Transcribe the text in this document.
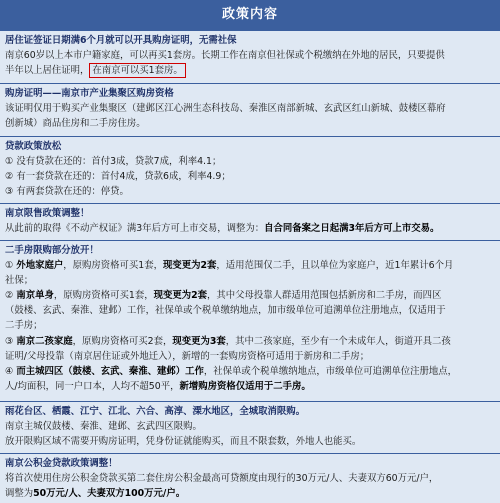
政策内容
居住证签证日期满6个月就可以开具购房证明，无需社保
南京60岁以上本市户籍家庭，可以再买1套房。长期工作在南京但社保或个税缴纳在外地的居民，只要提供
半年以上居住证明， 在南京可以买1套房。
购房证明——南京市产业集聚区购房资格
该证明仅用于购买产业集聚区（建邺区江心洲生态科技岛、秦淮区南部新城、玄武区红山新城、鼓楼区幕府
创新城）商品住房和二手房住房。
贷款政策放松
① 没有贷款在还的：首付3成，贷款7成，利率4.1；
② 有一套贷款在还的：首付4成，贷款6成，利率4.9；
③ 有两套贷款在还的：停贷。
南京限售政策调整！
从此前的取得《不动产权证》满3年后方可上市交易，调整为：自合同备案之日起满3年后方可上市交易。
二手房限购部分放开！
① 外地家庭户，原购房资格可买1套，现变更为2套，适用范围仅二手，且以单位为家庭户，近1年累计6个月
社保；
② 南京单身，原购房资格可买1套，现变更为2套，其中父母投靠人群适用范围包括新房和二手房，而四区
（鼓楼、玄武、秦淮、建邺）工作，社保单或个税单缴纳地点，加市级单位可追溯单位注册地点，仅适用于
二手房；
③ 南京二孩家庭，原购房资格可买2套，现变更为3套，其中二孩家庭，至少有一个未成年人，街道开具二孩
证明/父母投靠（南京居住证或外地迁入），新增的一套购房资格可适用于新房和二手房；
④ 而主城四区（鼓楼、玄武、秦淮、建邺）工作，社保单或个税单缴纳地点，市级单位可追溯单位注册地点，
人/均面积，同一户口本，人均不超50平，新增购房资格仅适用于二手房。
雨花台区、栖霞、江宁、江北、六合、高淳、溧水地区，全城取消限购。
南京主城仅鼓楼、秦淮、建邺、玄武四区限购。
放开限购区域不需要开购房证明，凭身份证就能购买，而且不限套数，外地人也能买。
南京公积金贷款政策调整！
将首次使用住房公积金贷款买第二套住房公积金最高可贷额度由现行的30万元/人、夫妻双方60万元/户，
调整为50万元/人、夫妻双方100万元/户。
